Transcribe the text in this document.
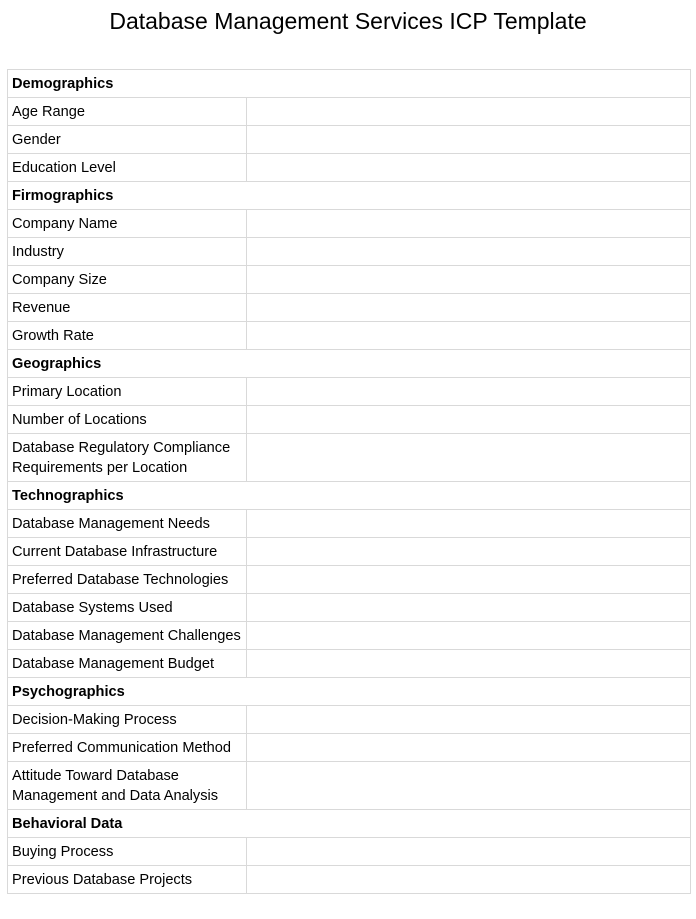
Database Management Services ICP Template
Demographics	
Age Range	
Gender	
Education Level	
Firmographics	
Company Name	
Industry	
Company Size	
Revenue	
Growth Rate	
Geographics	
Primary Location	
Number of Locations	
Database Regulatory Compliance Requirements per Location	
Technographics	
Database Management Needs	
Current Database Infrastructure	
Preferred Database Technologies	
Database Systems Used	
Database Management Challenges	
Database Management Budget	
Psychographics	
Decision-Making Process	
Preferred Communication Method	
Attitude Toward Database Management and Data Analysis	
Behavioral Data	
Buying Process	
Previous Database Projects	
